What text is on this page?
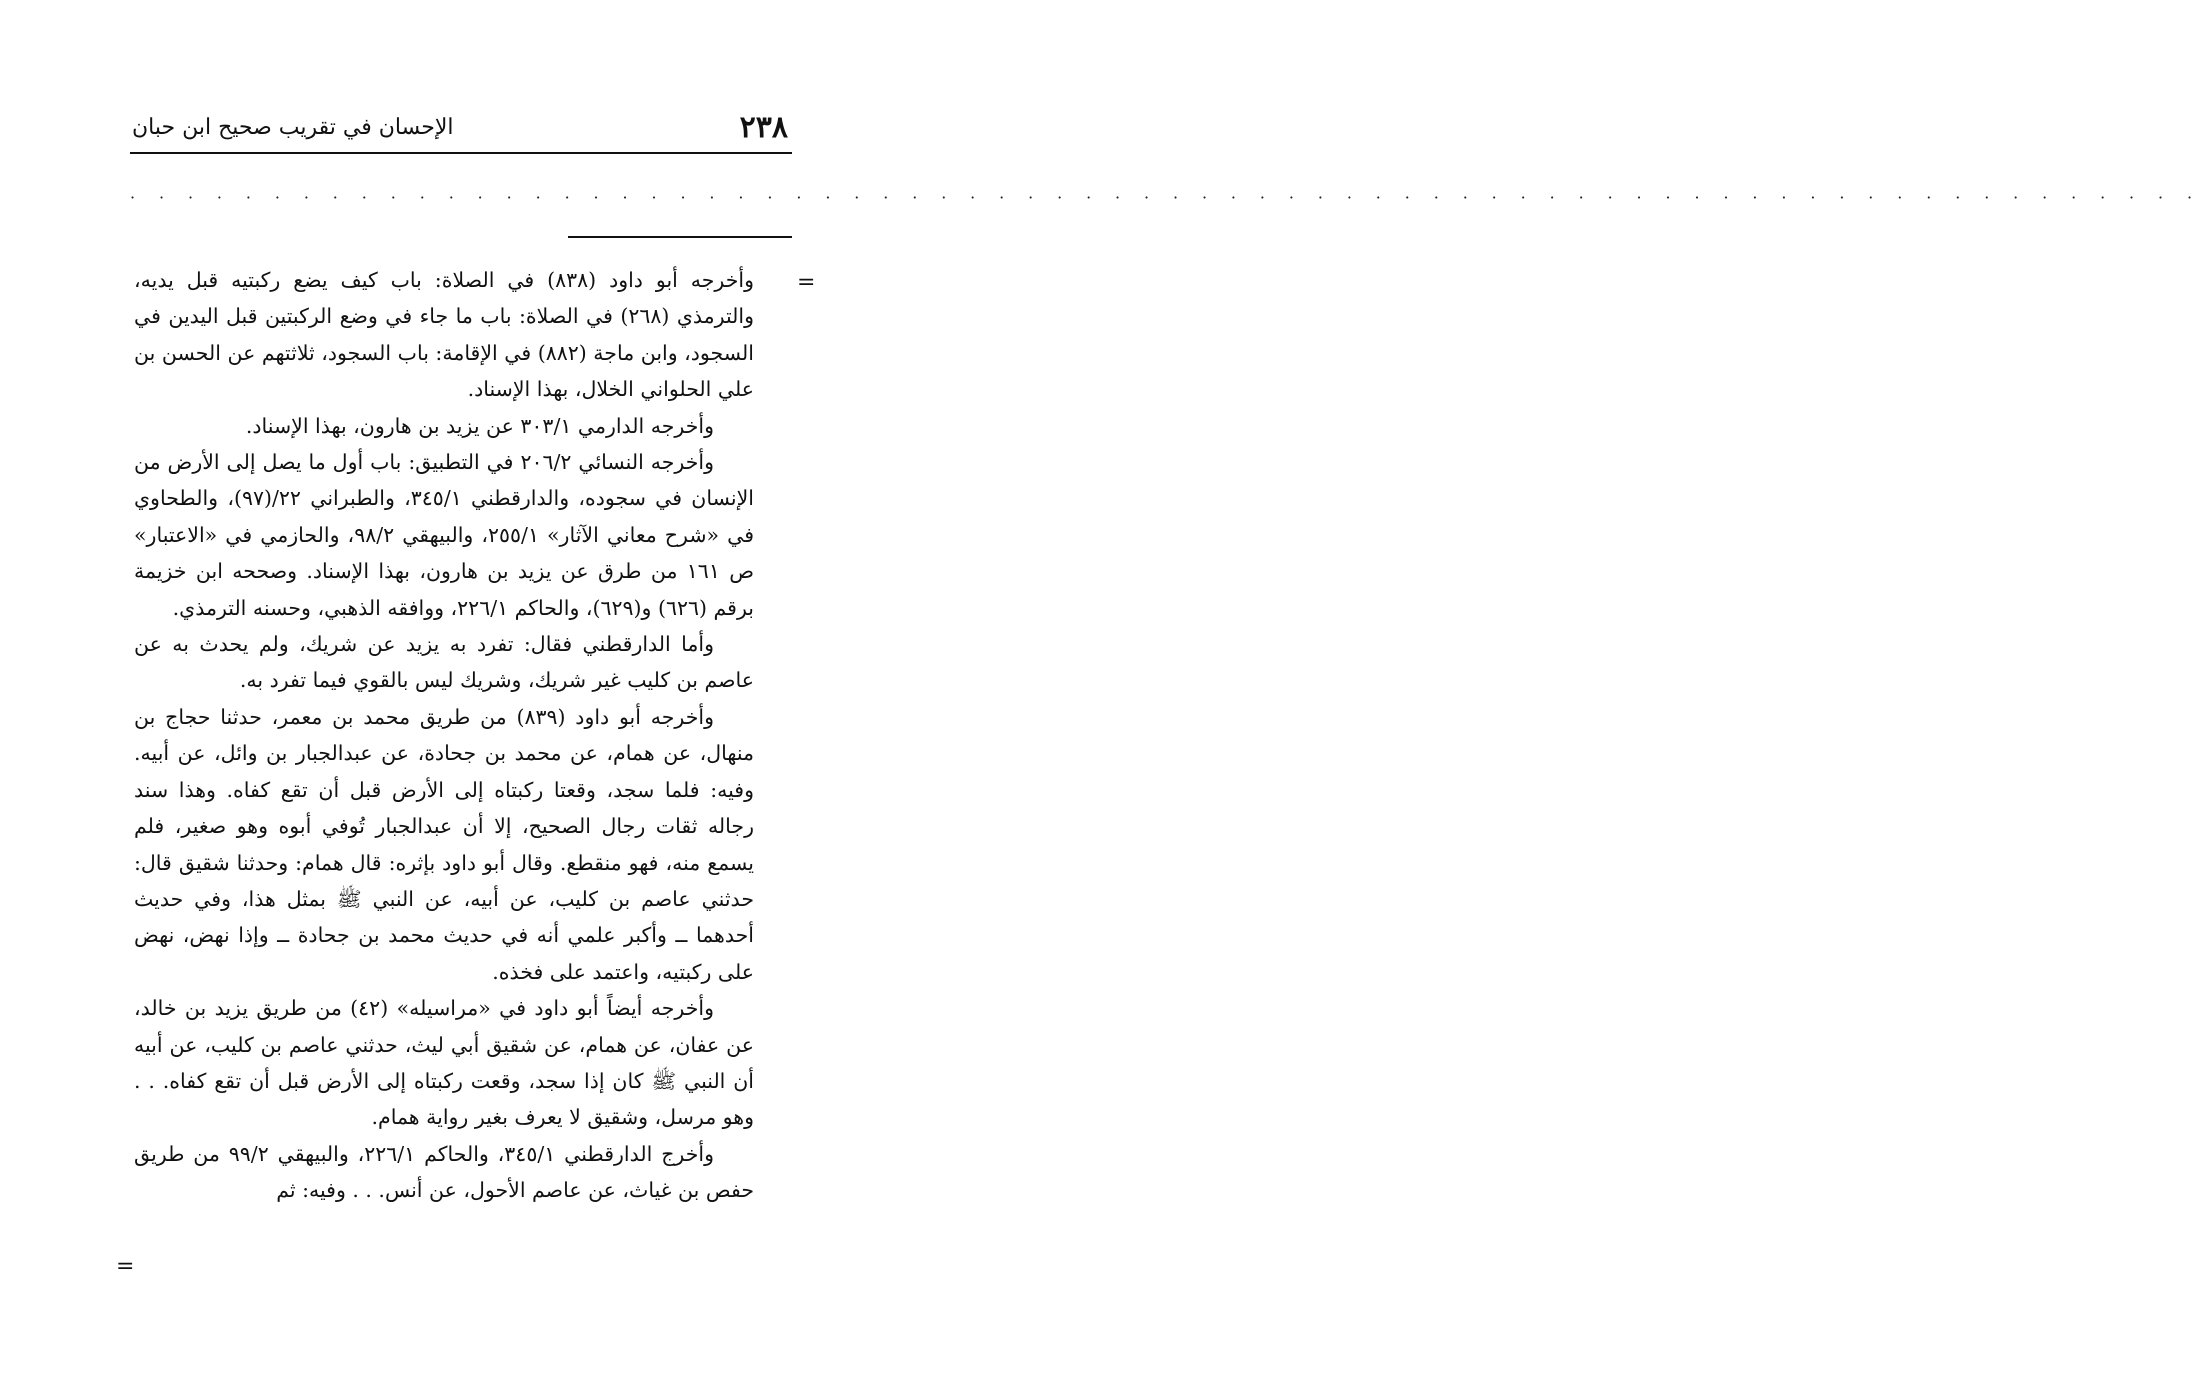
٢٣٨
الإحسان في تقريب صحيح ابن حبان
· · · · · · · · · · · · · · · · · · · · · · · · · · · · · · · · · · · · · · · · · · · · · · · · · · · · · · · · · · · · · · · · · · · · · · · ·
=

وأخرجه أبو داود (٨٣٨) في الصلاة: باب كيف يضع ركبتيه قبل يديه، والترمذي (٢٦٨) في الصلاة: باب ما جاء في وضع الركبتين قبل اليدين في السجود، وابن ماجة (٨٨٢) في الإقامة: باب السجود، ثلاثتهم عن الحسن بن علي الحلواني الخلال، بهذا الإسناد.

وأخرجه الدارمي ٣٠٣/١ عن يزيد بن هارون، بهذا الإسناد.

وأخرجه النسائي ٢٠٦/٢ في التطبيق: باب أول ما يصل إلى الأرض من الإنسان في سجوده، والدارقطني ٣٤٥/١، والطبراني ٢٢/(٩٧)، والطحاوي في «شرح معاني الآثار» ٢٥٥/١، والبيهقي ٩٨/٢، والحازمي في «الاعتبار» ص ١٦١ من طرق عن يزيد بن هارون، بهذا الإسناد. وصححه ابن خزيمة برقم (٦٢٦) و(٦٢٩)، والحاكم ٢٢٦/١، ووافقه الذهبي، وحسنه الترمذي.

وأما الدارقطني فقال: تفرد به يزيد عن شريك، ولم يحدث به عن عاصم بن كليب غير شريك، وشريك ليس بالقوي فيما تفرد به.

وأخرجه أبو داود (٨٣٩) من طريق محمد بن معمر، حدثنا حجاج بن منهال، عن همام، عن محمد بن جحادة، عن عبدالجبار بن وائل، عن أبيه. وفيه: فلما سجد، وقعتا ركبتاه إلى الأرض قبل أن تقع كفاه. وهذا سند رجاله ثقات رجال الصحيح، إلا أن عبدالجبار تُوفي أبوه وهو صغير، فلم يسمع منه، فهو منقطع. وقال أبو داود بإثره: قال همام: وحدثنا شقيق قال: حدثني عاصم بن كليب، عن أبيه، عن النبي ﷺ بمثل هذا، وفي حديث أحدهما ــ وأكبر علمي أنه في حديث محمد بن جحادة ــ وإذا نهض، نهض على ركبتيه، واعتمد على فخذه.

وأخرجه أيضاً أبو داود في «مراسيله» (٤٢) من طريق يزيد بن خالد، عن عفان، عن همام، عن شقيق أبي ليث، حدثني عاصم بن كليب، عن أبيه أن النبي ﷺ كان إذا سجد، وقعت ركبتاه إلى الأرض قبل أن تقع كفاه. . . وهو مرسل، وشقيق لا يعرف بغير رواية همام.

وأخرج الدارقطني ٣٤٥/١، والحاكم ٢٢٦/١، والبيهقي ٩٩/٢ من طريق حفص بن غياث، عن عاصم الأحول، عن أنس. . . وفيه: ثم

=
